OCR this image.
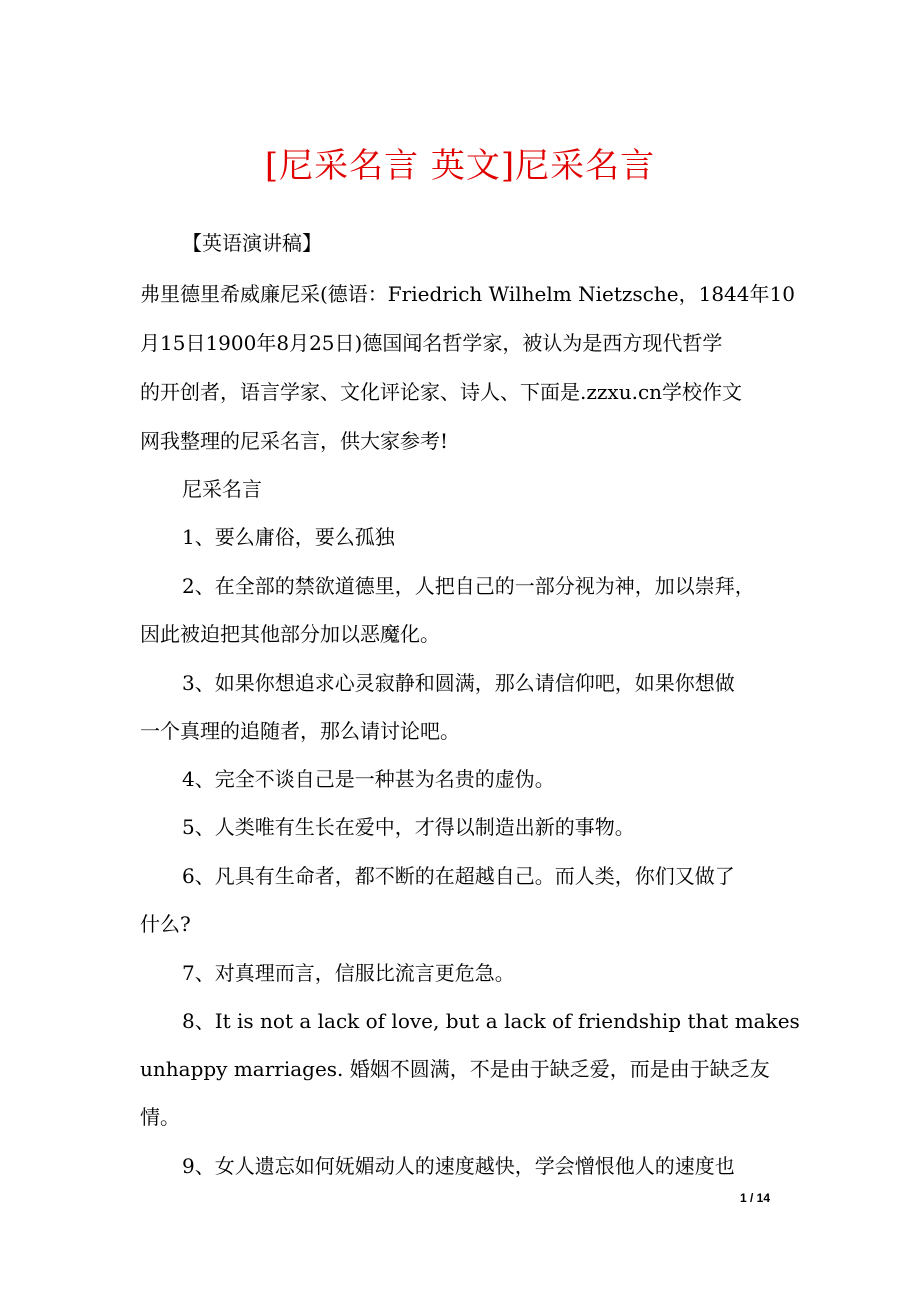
[尼采名言 英文]尼采名言

【英语演讲稿】

弗里德里希威廉尼采(德语：Friedrich Wilhelm Nietzsche，1844年10

月15日1900年8月25日)德国闻名哲学家，被认为是西方现代哲学

的开创者，语言学家、文化评论家、诗人、下面是.zzxu.cn学校作文

网我整理的尼采名言，供大家参考!

尼采名言

1、要么庸俗，要么孤独

2、在全部的禁欲道德里，人把自己的一部分视为神，加以崇拜，

因此被迫把其他部分加以恶魔化。

3、如果你想追求心灵寂静和圆满，那么请信仰吧，如果你想做

一个真理的追随者，那么请讨论吧。

4、完全不谈自己是一种甚为名贵的虚伪。

5、人类唯有生长在爱中，才得以制造出新的事物。

6、凡具有生命者，都不断的在超越自己。而人类，你们又做了

什么?

7、对真理而言，信服比流言更危急。

8、It is not a lack of love, but a lack of friendship that makes

unhappy marriages. 婚姻不圆满，不是由于缺乏爱，而是由于缺乏友

情。

9、女人遗忘如何妩媚动人的速度越快，学会憎恨他人的速度也

1 / 14
